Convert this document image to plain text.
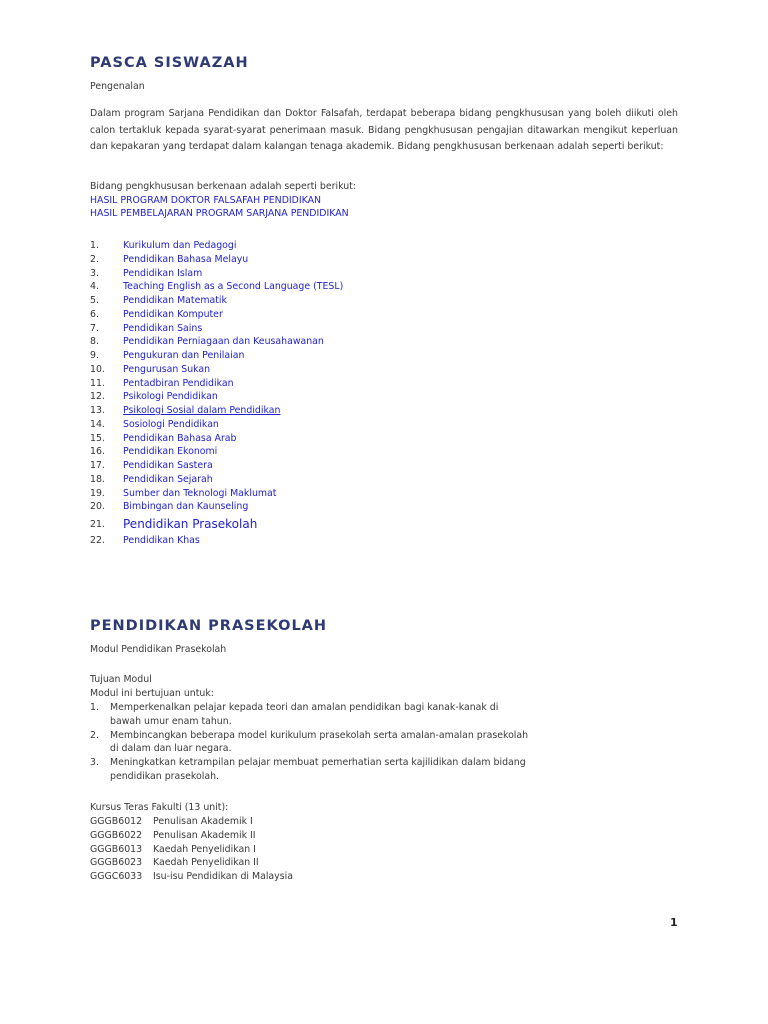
PASCA SISWAZAH
Pengenalan
Dalam program Sarjana Pendidikan dan Doktor Falsafah, terdapat beberapa bidang pengkhususan yang boleh diikuti oleh calon tertakluk kepada syarat-syarat penerimaan masuk. Bidang pengkhususan pengajian ditawarkan mengikut keperluan dan kepakaran yang terdapat dalam kalangan tenaga akademik. Bidang pengkhususan berkenaan adalah seperti berikut:
Bidang pengkhususan berkenaan adalah seperti berikut:
HASIL PROGRAM DOKTOR FALSAFAH PENDIDIKAN
HASIL PEMBELAJARAN PROGRAM SARJANA PENDIDIKAN
1.	Kurikulum dan Pedagogi
2.	Pendidikan Bahasa Melayu
3.	Pendidikan Islam
4.	Teaching English as a Second Language (TESL)
5.	Pendidikan Matematik
6.	Pendidikan Komputer
7.	Pendidikan Sains
8.	Pendidikan Perniagaan dan Keusahawanan
9.	Pengukuran dan Penilaian
10. Pengurusan Sukan
11. Pentadbiran Pendidikan
12. Psikologi Pendidikan
13. Psikologi Sosial dalam Pendidikan
14. Sosiologi Pendidikan
15. Pendidikan Bahasa Arab
16. Pendidikan Ekonomi
17. Pendidikan Sastera
18. Pendidikan Sejarah
19. Sumber dan Teknologi Maklumat
20. Bimbingan dan Kaunseling
21. Pendidikan Prasekolah
22. Pendidikan Khas
PENDIDIKAN PRASEKOLAH
Modul Pendidikan Prasekolah
Tujuan Modul
Modul ini bertujuan untuk:
1.	Memperkenalkan pelajar kepada teori dan amalan pendidikan bagi kanak-kanak di bawah umur enam tahun.
2.	Membincangkan beberapa model kurikulum prasekolah serta amalan-amalan prasekolah di dalam dan luar negara.
3.	Meningkatkan ketrampilan pelajar membuat pemerhatian serta kajilidikan dalam bidang pendidikan prasekolah.
Kursus Teras Fakulti (13 unit):
GGGB6012 Penulisan Akademik I
GGGB6022 Penulisan Akademik II
GGGB6013 Kaedah Penyelidikan I
GGGB6023 Kaedah Penyelidikan II
GGGC6033 Isu-isu Pendidikan di Malaysia
1
